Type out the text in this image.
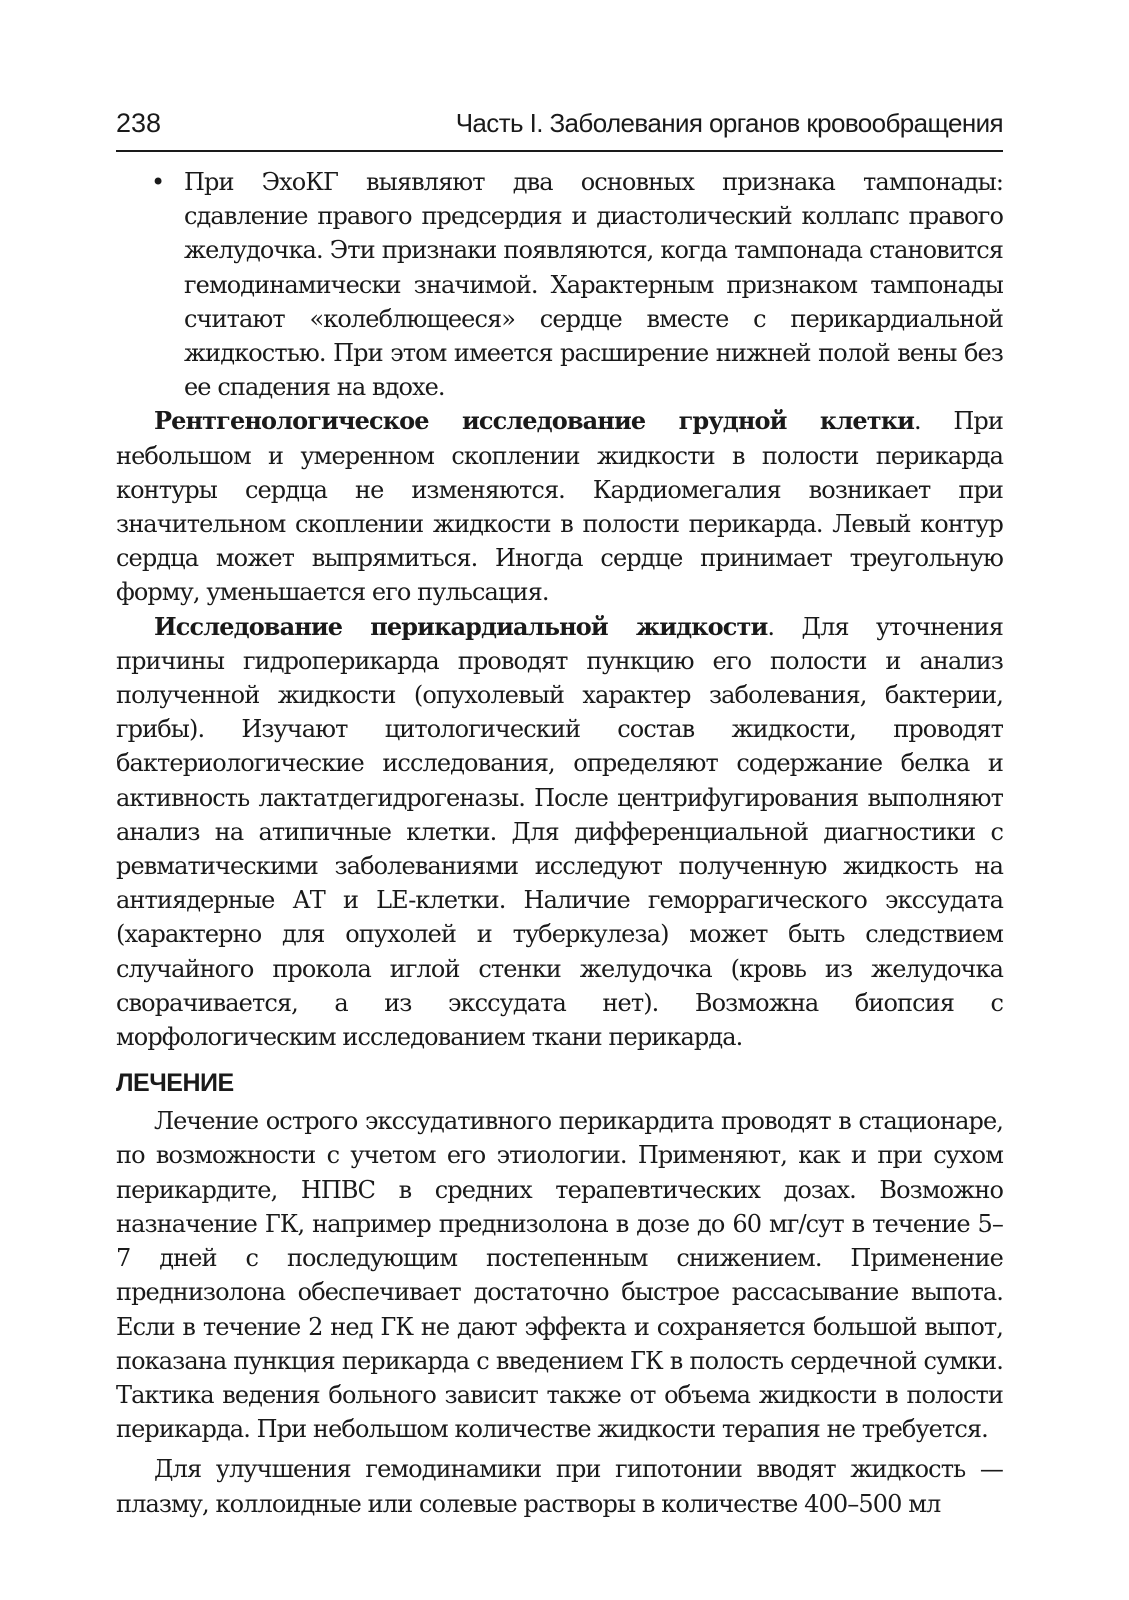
238	Часть I. Заболевания органов кровообращения

• При ЭхоКГ выявляют два основных признака тампонады: сдавление правого предсердия и диастолический коллапс правого желудочка. Эти признаки появляются, когда тампонада становится гемодинамически значимой. Характерным признаком тампонады считают «колеблющееся» сердце вместе с перикардиальной жидкостью. При этом имеется расширение нижней полой вены без ее спадения на вдохе.

Рентгенологическое исследование грудной клетки. При небольшом и умеренном скоплении жидкости в полости перикарда контуры сердца не изменяются. Кардиомегалия возникает при значительном скоплении жидкости в полости перикарда. Левый контур сердца может выпрямиться. Иногда сердце принимает треугольную форму, уменьшается его пульсация.

Исследование перикардиальной жидкости. Для уточнения причины гидроперикарда проводят пункцию его полости и анализ полученной жидкости (опухолевый характер заболевания, бактерии, грибы). Изучают цитологический состав жидкости, проводят бактериологические исследования, определяют содержание белка и активность лактатдегидрогеназы. После центрифугирования выполняют анализ на атипичные клетки. Для дифференциальной диагностики с ревматическими заболеваниями исследуют полученную жидкость на антиядерные АТ и LE-клетки. Наличие геморрагического экссудата (характерно для опухолей и туберкулеза) может быть следствием случайного прокола иглой стенки желудочка (кровь из желудочка сворачивается, а из экссудата нет). Возможна биопсия с морфологическим исследованием ткани перикарда.

ЛЕЧЕНИЕ

Лечение острого экссудативного перикардита проводят в стационаре, по возможности с учетом его этиологии. Применяют, как и при сухом перикардите, НПВС в средних терапевтических дозах. Возможно назначение ГК, например преднизолона в дозе до 60 мг/сут в течение 5–7 дней с последующим постепенным снижением. Применение преднизолона обеспечивает достаточно быстрое рассасывание выпота. Если в течение 2 нед ГК не дают эффекта и сохраняется большой выпот, показана пункция перикарда с введением ГК в полость сердечной сумки. Тактика ведения больного зависит также от объема жидкости в полости перикарда. При небольшом количестве жидкости терапия не требуется.

Для улучшения гемодинамики при гипотонии вводят жидкость — плазму, коллоидные или солевые растворы в количестве 400–500 мл
